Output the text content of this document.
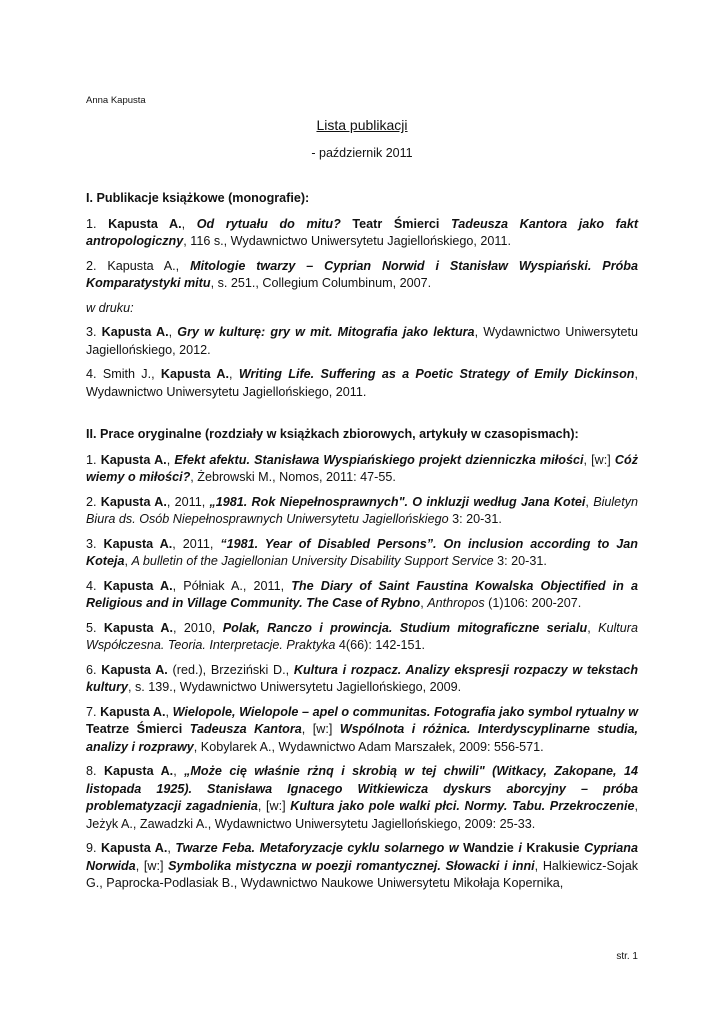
Anna Kapusta
Lista publikacji
- październik 2011
I. Publikacje książkowe (monografie):
1. Kapusta A., Od rytuału do mitu? Teatr Śmierci Tadeusza Kantora jako fakt antropologiczny, 116 s., Wydawnictwo Uniwersytetu Jagiellońskiego, 2011.
2. Kapusta A., Mitologie twarzy – Cyprian Norwid i Stanisław Wyspiański. Próba Komparatystyki mitu, s. 251., Collegium Columbinum, 2007.
w druku:
3. Kapusta A., Gry w kulturę: gry w mit. Mitografia jako lektura, Wydawnictwo Uniwersytetu Jagiellońskiego, 2012.
4. Smith J., Kapusta A., Writing Life. Suffering as a Poetic Strategy of Emily Dickinson, Wydawnictwo Uniwersytetu Jagiellońskiego, 2011.
II. Prace oryginalne (rozdziały w książkach zbiorowych, artykuły w czasopismach):
1. Kapusta A., Efekt afektu. Stanisława Wyspiańskiego projekt dzienniczka miłości, [w:] Cóż wiemy o miłości?, Żebrowski M., Nomos, 2011: 47-55.
2. Kapusta A., 2011, „1981. Rok Niepełnosprawnych". O inkluzji według Jana Kotei, Biuletyn Biura ds. Osób Niepełnosprawnych Uniwersytetu Jagiellońskiego 3: 20-31.
3. Kapusta A., 2011, “1981. Year of Disabled Persons”. On inclusion according to Jan Koteja, A bulletin of the Jagiellonian University Disability Support Service 3: 20-31.
4. Kapusta A., Półniak A., 2011, The Diary of Saint Faustina Kowalska Objectified in a Religious and in Village Community. The Case of Rybno, Anthropos (1)106: 200-207.
5. Kapusta A., 2010, Polak, Ranczo i prowincja. Studium mitograficzne serialu, Kultura Współczesna. Teoria. Interpretacje. Praktyka 4(66): 142-151.
6. Kapusta A. (red.), Brzeziński D., Kultura i rozpacz. Analizy ekspresji rozpaczy w tekstach kultury, s. 139., Wydawnictwo Uniwersytetu Jagiellońskiego, 2009.
7. Kapusta A., Wielopole, Wielopole – apel o communitas. Fotografia jako symbol rytualny w Teatrze Śmierci Tadeusza Kantora, [w:] Wspólnota i różnica. Interdyscyplinarne studia, analizy i rozprawy, Kobylarek A., Wydawnictwo Adam Marszałek, 2009: 556-571.
8. Kapusta A., „Może cię właśnie rżnq i skrobią w tej chwili" (Witkacy, Zakopane, 14 listopada 1925). Stanisława Ignacego Witkiewicza dyskurs aborcyjny – próba problematyzacji zagadnienia, [w:] Kultura jako pole walki płci. Normy. Tabu. Przekroczenie, Jeżyk A., Zawadzki A., Wydawnictwo Uniwersytetu Jagiellońskiego, 2009: 25-33.
9. Kapusta A., Twarze Feba. Metaforyzacje cyklu solarnego w Wandzie i Krakusie Cypriana Norwida, [w:] Symbolika mistyczna w poezji romantycznej. Słowacki i inni, Halkiewicz-Sojak G., Paprocka-Podlasiak B., Wydawnictwo Naukowe Uniwersytetu Mikołaja Kopernika,
str. 1
